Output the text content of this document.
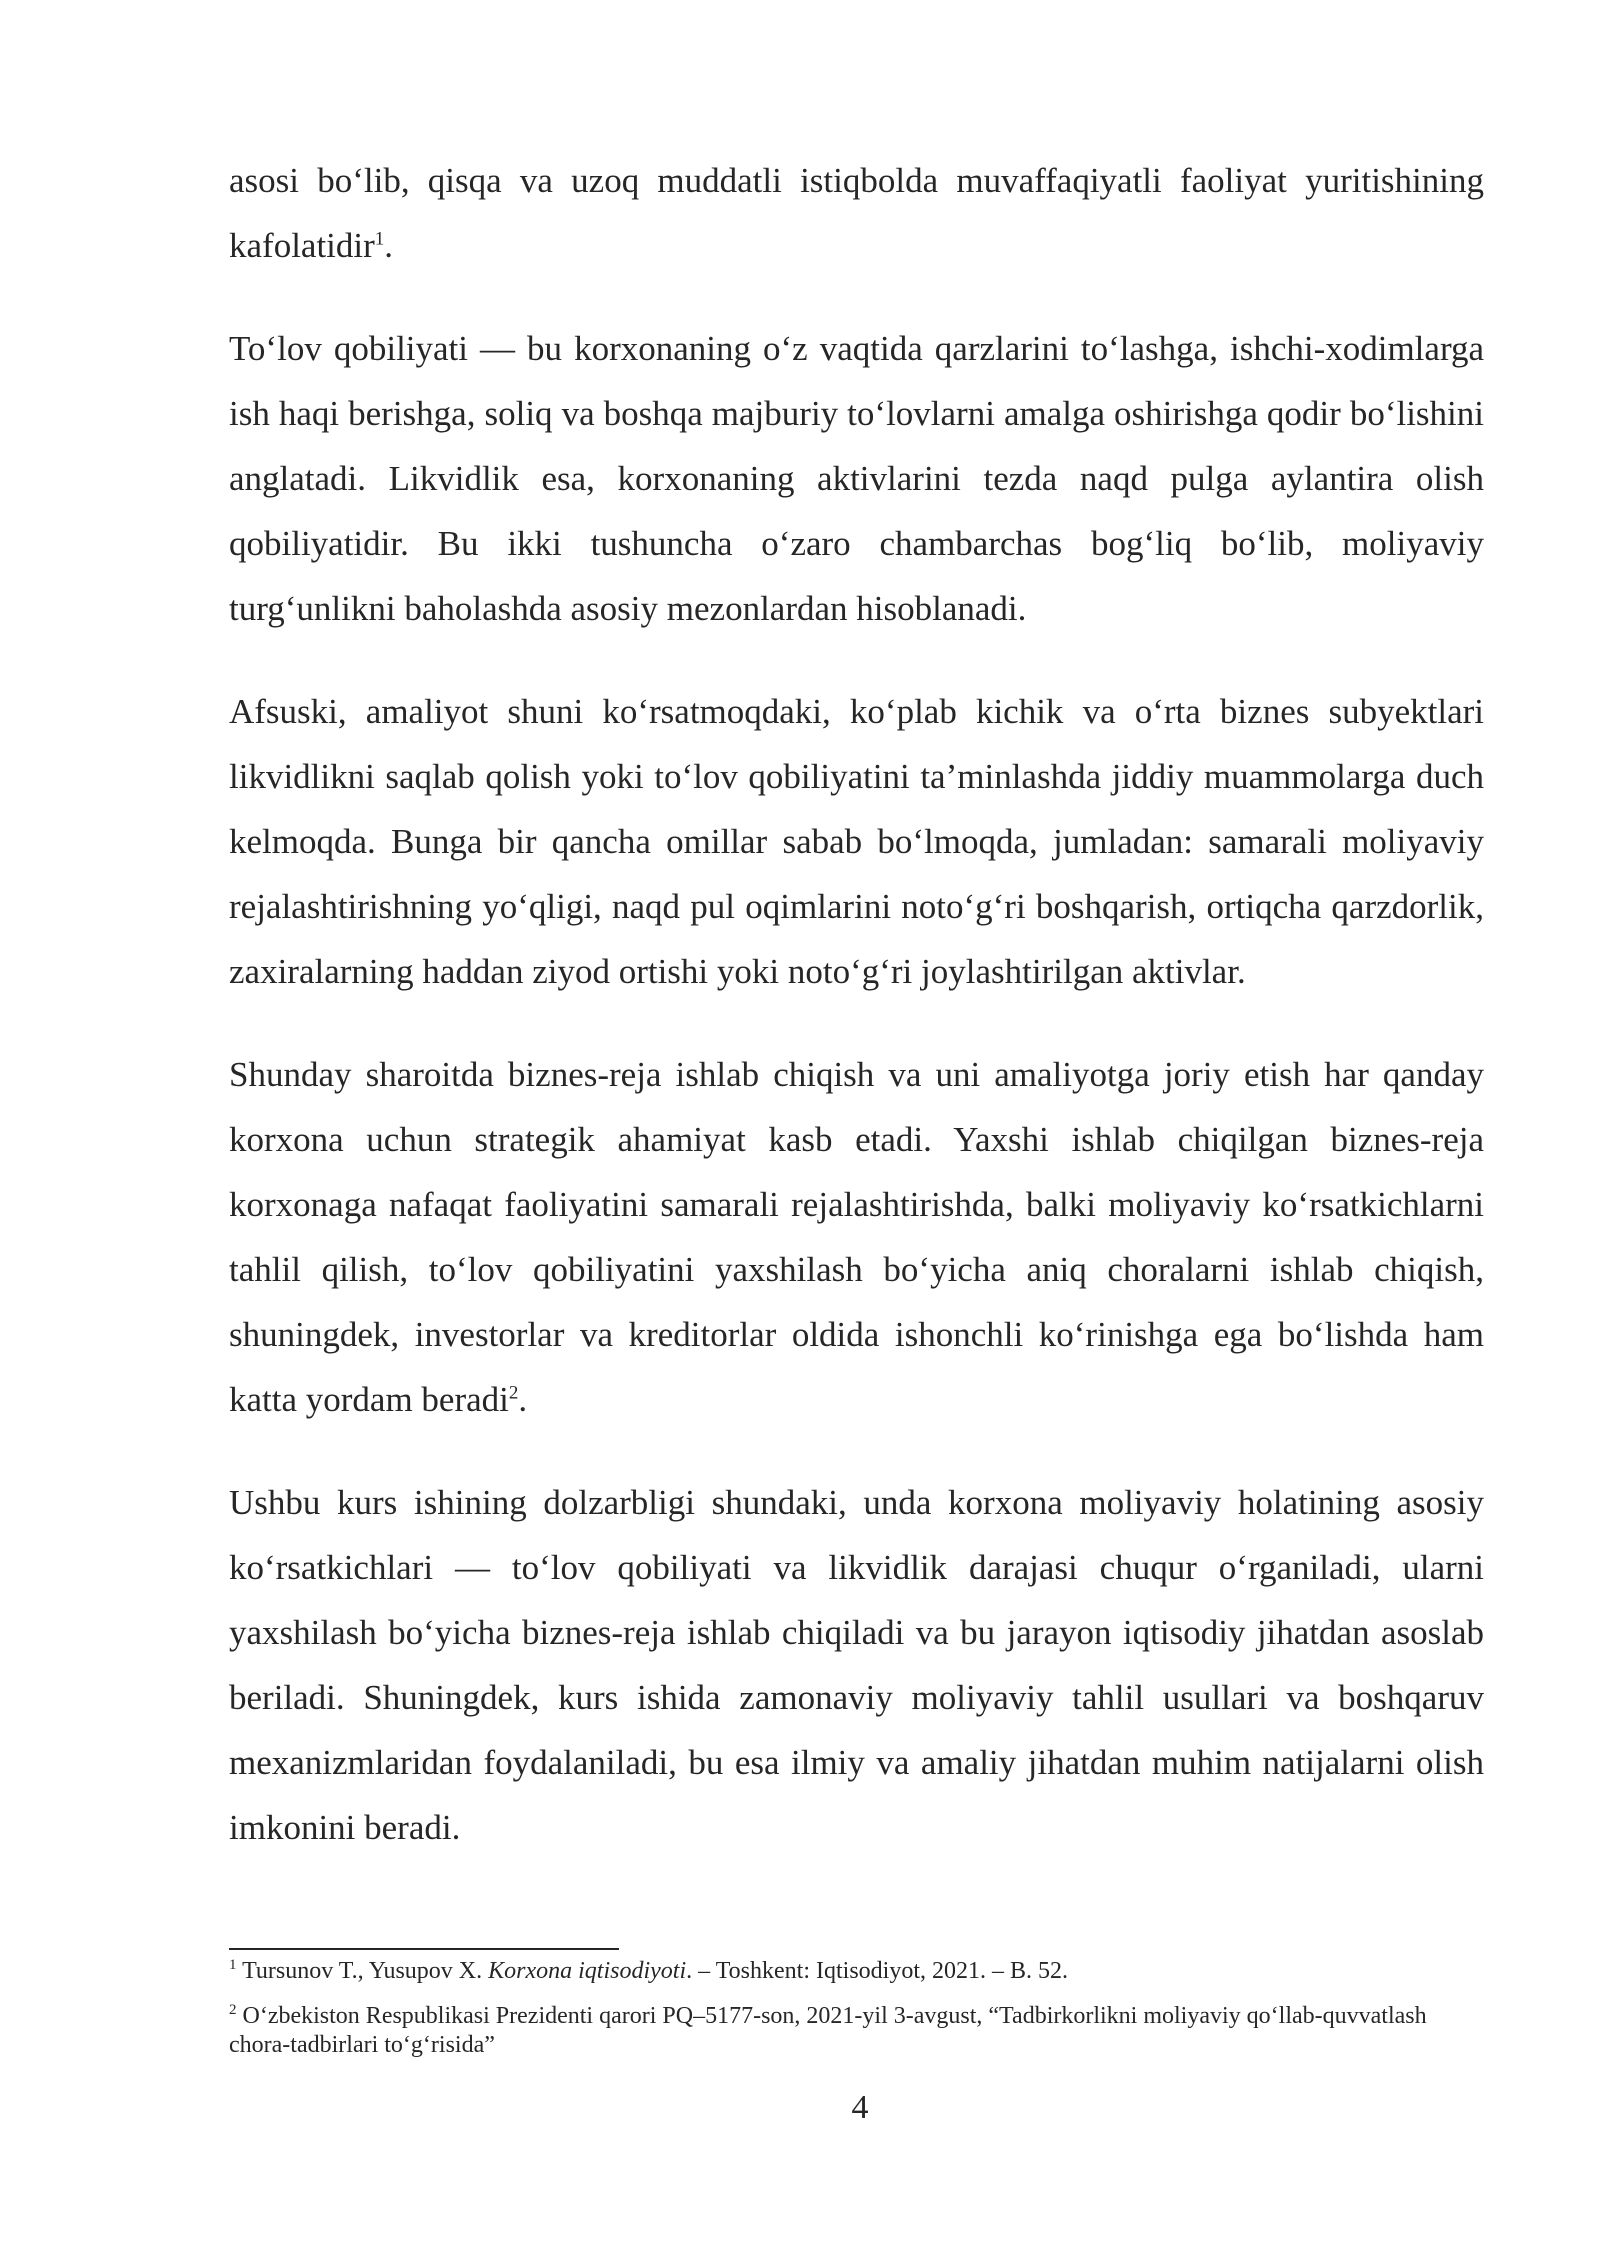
asosi bo‘lib, qisqa va uzoq muddatli istiqbolda muvaffaqiyatli faoliyat yuritishining kafolatidir$^1$.

To‘lov qobiliyati — bu korxonaning o‘z vaqtida qarzlarini to‘lashga, ishchi-xodimlarga ish haqi berishga, soliq va boshqa majburiy to‘lovlarni amalga oshirishga qodir bo‘lishini anglatadi. Likvidlik esa, korxonaning aktivlarini tezda naqd pulga aylantira olish qobiliyatidir. Bu ikki tushuncha o‘zaro chambarchas bog‘liq bo‘lib, moliyaviy turg‘unlikni baholashda asosiy mezonlardan hisoblanadi.

Afsuski, amaliyot shuni ko‘rsatmoqdaki, ko‘plab kichik va o‘rta biznes subyektlari likvidlikni saqlab qolish yoki to‘lov qobiliyatini ta’minlashda jiddiy muammolarga duch kelmoqda. Bunga bir qancha omillar sabab bo‘lmoqda, jumladan: samarali moliyaviy rejalashtirishning yo‘qligi, naqd pul oqimlarini noto‘g‘ri boshqarish, ortiqcha qarzdorlik, zaxiralarning haddan ziyod ortishi yoki noto‘g‘ri joylashtirilgan aktivlar.

Shunday sharoitda biznes-reja ishlab chiqish va uni amaliyotga joriy etish har qanday korxona uchun strategik ahamiyat kasb etadi. Yaxshi ishlab chiqilgan biznes-reja korxonaga nafaqat faoliyatini samarali rejalashtirishda, balki moliyaviy ko‘rsatkichlarni tahlil qilish, to‘lov qobiliyatini yaxshilash bo‘yicha aniq choralarni ishlab chiqish, shuningdek, investorlar va kreditorlar oldida ishonchli ko‘rinishga ega bo‘lishda ham katta yordam beradi$^2$.

Ushbu kurs ishining dolzarbligi shundaki, unda korxona moliyaviy holatining asosiy ko‘rsatkichlari — to‘lov qobiliyati va likvidlik darajasi chuqur o‘rganiladi, ularni yaxshilash bo‘yicha biznes-reja ishlab chiqiladi va bu jarayon iqtisodiy jihatdan asoslab beriladi. Shuningdek, kurs ishida zamonaviy moliyaviy tahlil usullari va boshqaruv mexanizmlaridan foydalaniladi, bu esa ilmiy va amaliy jihatdan muhim natijalarni olish imkonini beradi.

$^1$ Tursunov T., Yusupov X. Korxona iqtisodiyoti. – Toshkent: Iqtisodiyot, 2021. – B. 52.

$^2$ O‘zbekiston Respublikasi Prezidenti qarori PQ–5177-son, 2021-yil 3-avgust, “Tadbirkorlikni moliyaviy qo‘llab-quvvatlash chora-tadbirlari to‘g‘risida”

4
